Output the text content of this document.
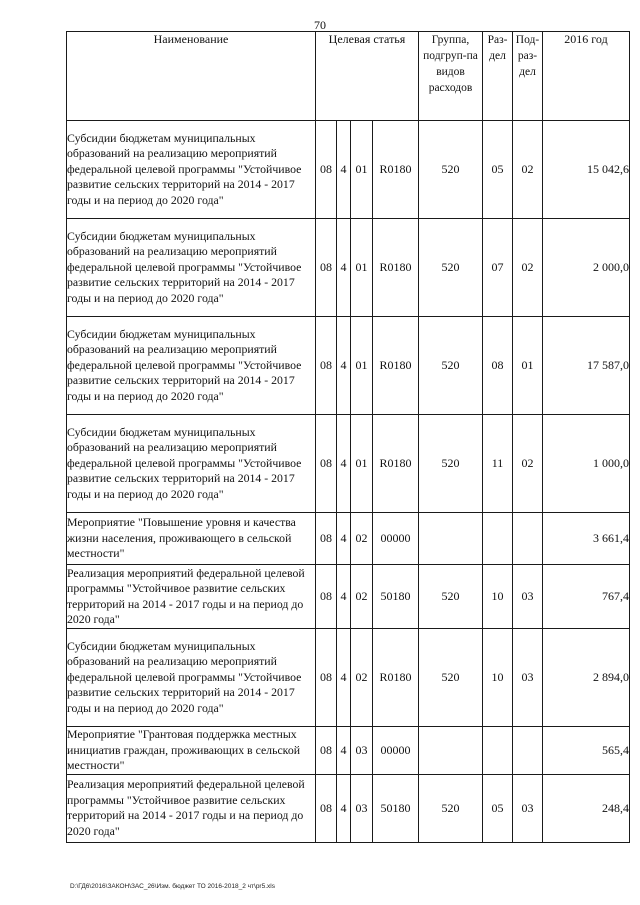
70
Наименование	Целевая статья				Группа, подгруп-па видов расходов	Раз-дел	Под-раз-дел	2016 год
Субсидии бюджетам муниципальных образований на реализацию мероприятий федеральной целевой программы "Устойчивое развитие сельских территорий на 2014 - 2017 годы и на период до 2020 года"	08	4	01	R0180	520	05	02	15 042,6
Субсидии бюджетам муниципальных образований на реализацию мероприятий федеральной целевой программы "Устойчивое развитие сельских территорий на 2014 - 2017 годы и на период до 2020 года"	08	4	01	R0180	520	07	02	2 000,0
Субсидии бюджетам муниципальных образований на реализацию мероприятий федеральной целевой программы "Устойчивое развитие сельских территорий на 2014 - 2017 годы и на период до 2020 года"	08	4	01	R0180	520	08	01	17 587,0
Субсидии бюджетам муниципальных образований на реализацию мероприятий федеральной целевой программы "Устойчивое развитие сельских территорий на 2014 - 2017 годы и на период до 2020 года"	08	4	01	R0180	520	11	02	1 000,0
Мероприятие "Повышение уровня и качества жизни населения, проживающего в сельской местности"	08	4	02	00000				3 661,4
Реализация мероприятий федеральной целевой программы "Устойчивое развитие сельских территорий на 2014 - 2017 годы и на период до 2020 года"	08	4	02	50180	520	10	03	767,4
Субсидии бюджетам муниципальных образований на реализацию мероприятий федеральной целевой программы "Устойчивое развитие сельских территорий на 2014 - 2017 годы и на период до 2020 года"	08	4	02	R0180	520	10	03	2 894,0
Мероприятие "Грантовая поддержка местных инициатив граждан, проживающих в сельской местности"	08	4	03	00000				565,4
Реализация мероприятий федеральной целевой программы "Устойчивое развитие сельских территорий на 2014 - 2017 годы и на период до 2020 года"	08	4	03	50180	520	05	03	248,4
D:\ГД6\2016\ЗАКОН\ЗАС_26\Изм. бюджет ТО 2016-2018_2 чт\pr5.xls
